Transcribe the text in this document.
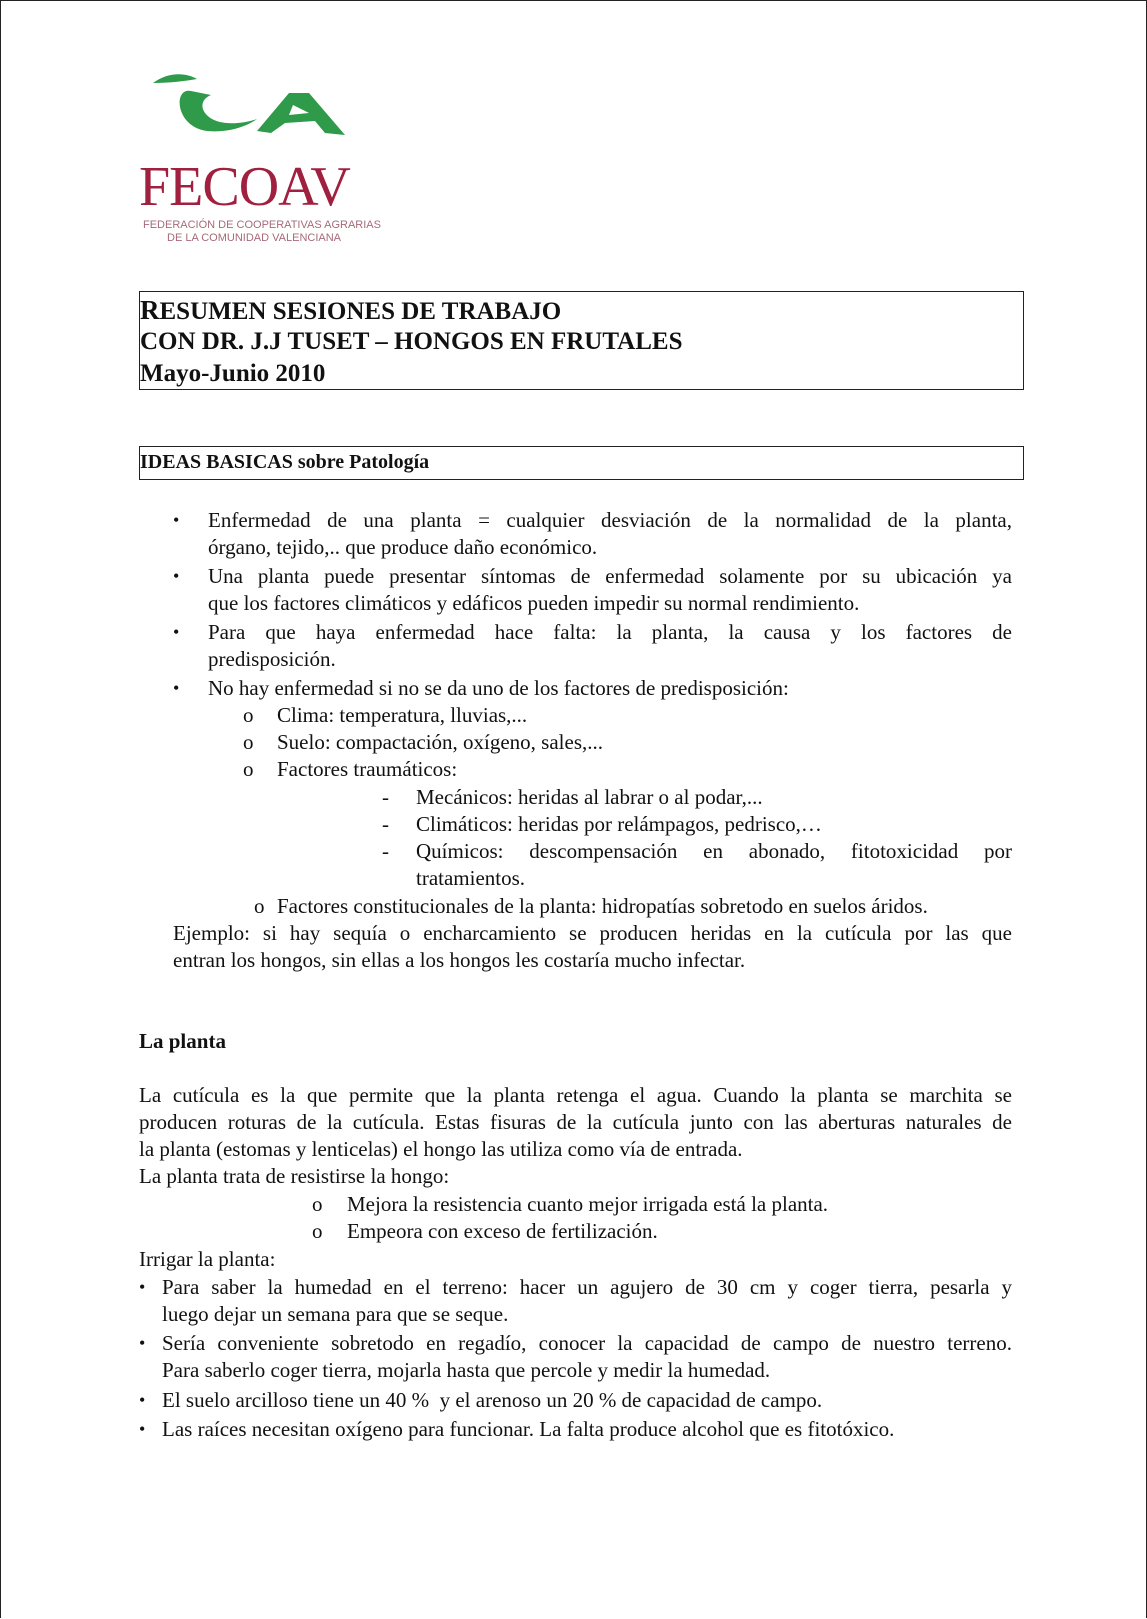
FECOAV
FEDERACIÓN DE COOPERATIVAS AGRARIAS
DE LA COMUNIDAD VALENCIANA
RESUMEN SESIONES DE TRABAJO
CON DR. J.J TUSET – HONGOS EN FRUTALES
Mayo-Junio 2010
IDEAS BASICAS sobre Patología
• Enfermedad de una planta = cualquier desviación de la normalidad de la planta,
órgano, tejido,.. que produce daño económico.
• Una planta puede presentar síntomas de enfermedad solamente por su ubicación ya
que los factores climáticos y edáficos pueden impedir su normal rendimiento.
• Para que haya enfermedad hace falta: la planta, la causa y los factores de
predisposición.
• No hay enfermedad si no se da uno de los factores de predisposición:
o Clima: temperatura, lluvias,...
o Suelo: compactación, oxígeno, sales,...
o Factores traumáticos:
- Mecánicos: heridas al labrar o al podar,...
- Climáticos: heridas por relámpagos, pedrisco,…
- Químicos: descompensación en abonado, fitotoxicidad por
tratamientos.
o Factores constitucionales de la planta: hidropatías sobretodo en suelos áridos.
Ejemplo: si hay sequía o encharcamiento se producen heridas en la cutícula por las que
entran los hongos, sin ellas a los hongos les costaría mucho infectar.
La planta
La cutícula es la que permite que la planta retenga el agua. Cuando la planta se marchita se
producen roturas de la cutícula. Estas fisuras de la cutícula junto con las aberturas naturales de
la planta (estomas y lenticelas) el hongo las utiliza como vía de entrada.
La planta trata de resistirse la hongo:
o Mejora la resistencia cuanto mejor irrigada está la planta.
o Empeora con exceso de fertilización.
Irrigar la planta:
• Para saber la humedad en el terreno: hacer un agujero de 30 cm y coger tierra, pesarla y
luego dejar un semana para que se seque.
• Sería conveniente sobretodo en regadío, conocer la capacidad de campo de nuestro terreno.
Para saberlo coger tierra, mojarla hasta que percole y medir la humedad.
• El suelo arcilloso tiene un 40 %  y el arenoso un 20 % de capacidad de campo.
• Las raíces necesitan oxígeno para funcionar. La falta produce alcohol que es fitotóxico.
